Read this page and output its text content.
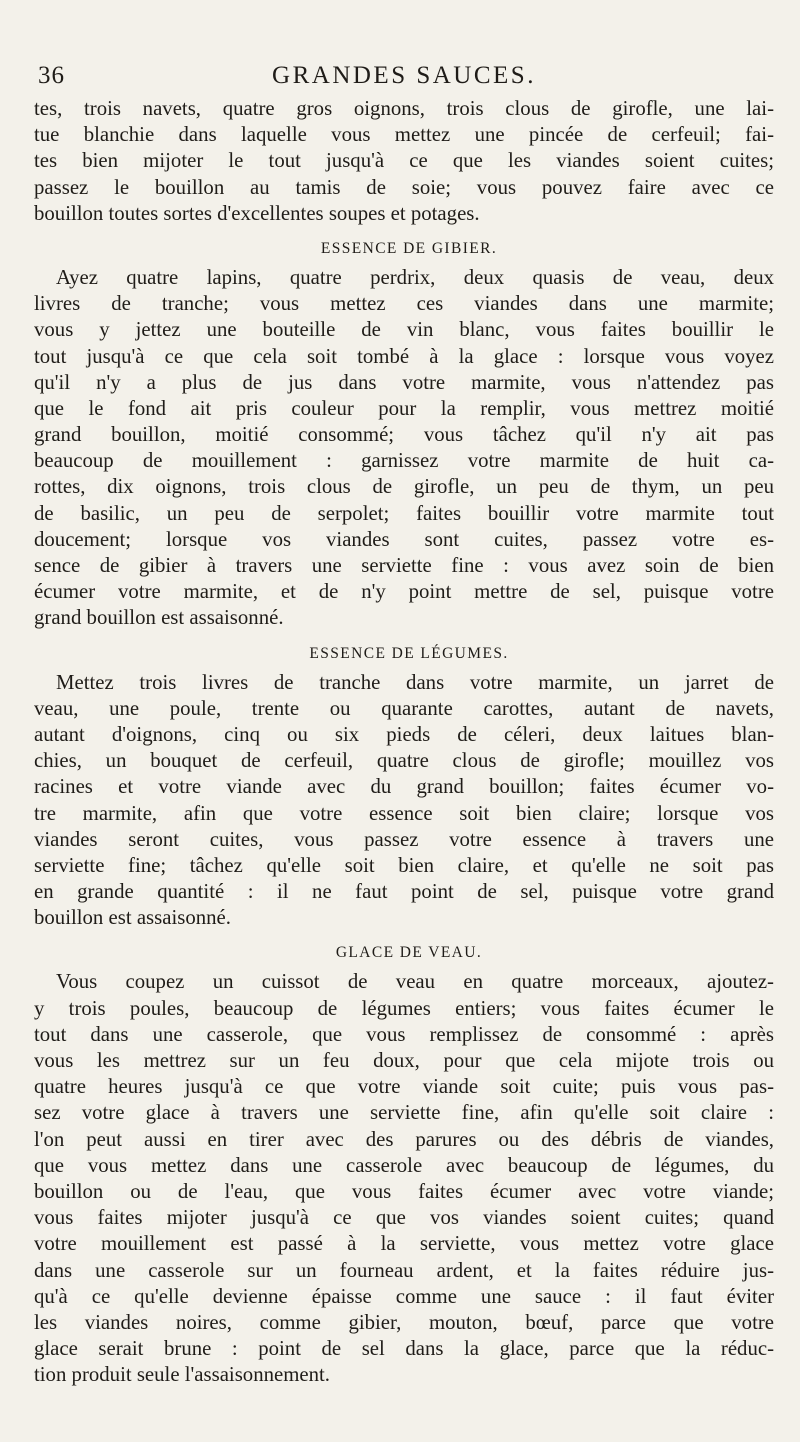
36	GRANDES SAUCES.
tes, trois navets, quatre gros oignons, trois clous de girofle, une lai-
tue blanchie dans laquelle vous mettez une pincée de cerfeuil; fai-
tes bien mijoter le tout jusqu'à ce que les viandes soient cuites;
passez le bouillon au tamis de soie; vous pouvez faire avec ce
bouillon toutes sortes d'excellentes soupes et potages.
ESSENCE DE GIBIER.
Ayez quatre lapins, quatre perdrix, deux quasis de veau, deux
livres de tranche; vous mettez ces viandes dans une marmite;
vous y jettez une bouteille de vin blanc, vous faites bouillir le
tout jusqu'à ce que cela soit tombé à la glace : lorsque vous voyez
qu'il n'y a plus de jus dans votre marmite, vous n'attendez pas
que le fond ait pris couleur pour la remplir, vous mettrez moitié
grand bouillon, moitié consommé; vous tâchez qu'il n'y ait pas
beaucoup de mouillement : garnissez votre marmite de huit ca-
rottes, dix oignons, trois clous de girofle, un peu de thym, un peu
de basilic, un peu de serpolet; faites bouillir votre marmite tout
doucement; lorsque vos viandes sont cuites, passez votre es-
sence de gibier à travers une serviette fine : vous avez soin de bien
écumer votre marmite, et de n'y point mettre de sel, puisque votre
grand bouillon est assaisonné.
ESSENCE DE LÉGUMES.
Mettez trois livres de tranche dans votre marmite, un jarret de
veau, une poule, trente ou quarante carottes, autant de navets,
autant d'oignons, cinq ou six pieds de céleri, deux laitues blan-
chies, un bouquet de cerfeuil, quatre clous de girofle; mouillez vos
racines et votre viande avec du grand bouillon; faites écumer vo-
tre marmite, afin que votre essence soit bien claire; lorsque vos
viandes seront cuites, vous passez votre essence à travers une
serviette fine; tâchez qu'elle soit bien claire, et qu'elle ne soit pas
en grande quantité : il ne faut point de sel, puisque votre grand
bouillon est assaisonné.
GLACE DE VEAU.
Vous coupez un cuissot de veau en quatre morceaux, ajoutez-
y trois poules, beaucoup de légumes entiers; vous faites écumer le
tout dans une casserole, que vous remplissez de consommé : après
vous les mettrez sur un feu doux, pour que cela mijote trois ou
quatre heures jusqu'à ce que votre viande soit cuite; puis vous pas-
sez votre glace à travers une serviette fine, afin qu'elle soit claire :
l'on peut aussi en tirer avec des parures ou des débris de viandes,
que vous mettez dans une casserole avec beaucoup de légumes, du
bouillon ou de l'eau, que vous faites écumer avec votre viande;
vous faites mijoter jusqu'à ce que vos viandes soient cuites; quand
votre mouillement est passé à la serviette, vous mettez votre glace
dans une casserole sur un fourneau ardent, et la faites réduire jus-
qu'à ce qu'elle devienne épaisse comme une sauce : il faut éviter
les viandes noires, comme gibier, mouton, bœuf, parce que votre
glace serait brune : point de sel dans la glace, parce que la réduc-
tion produit seule l'assaisonnement.
